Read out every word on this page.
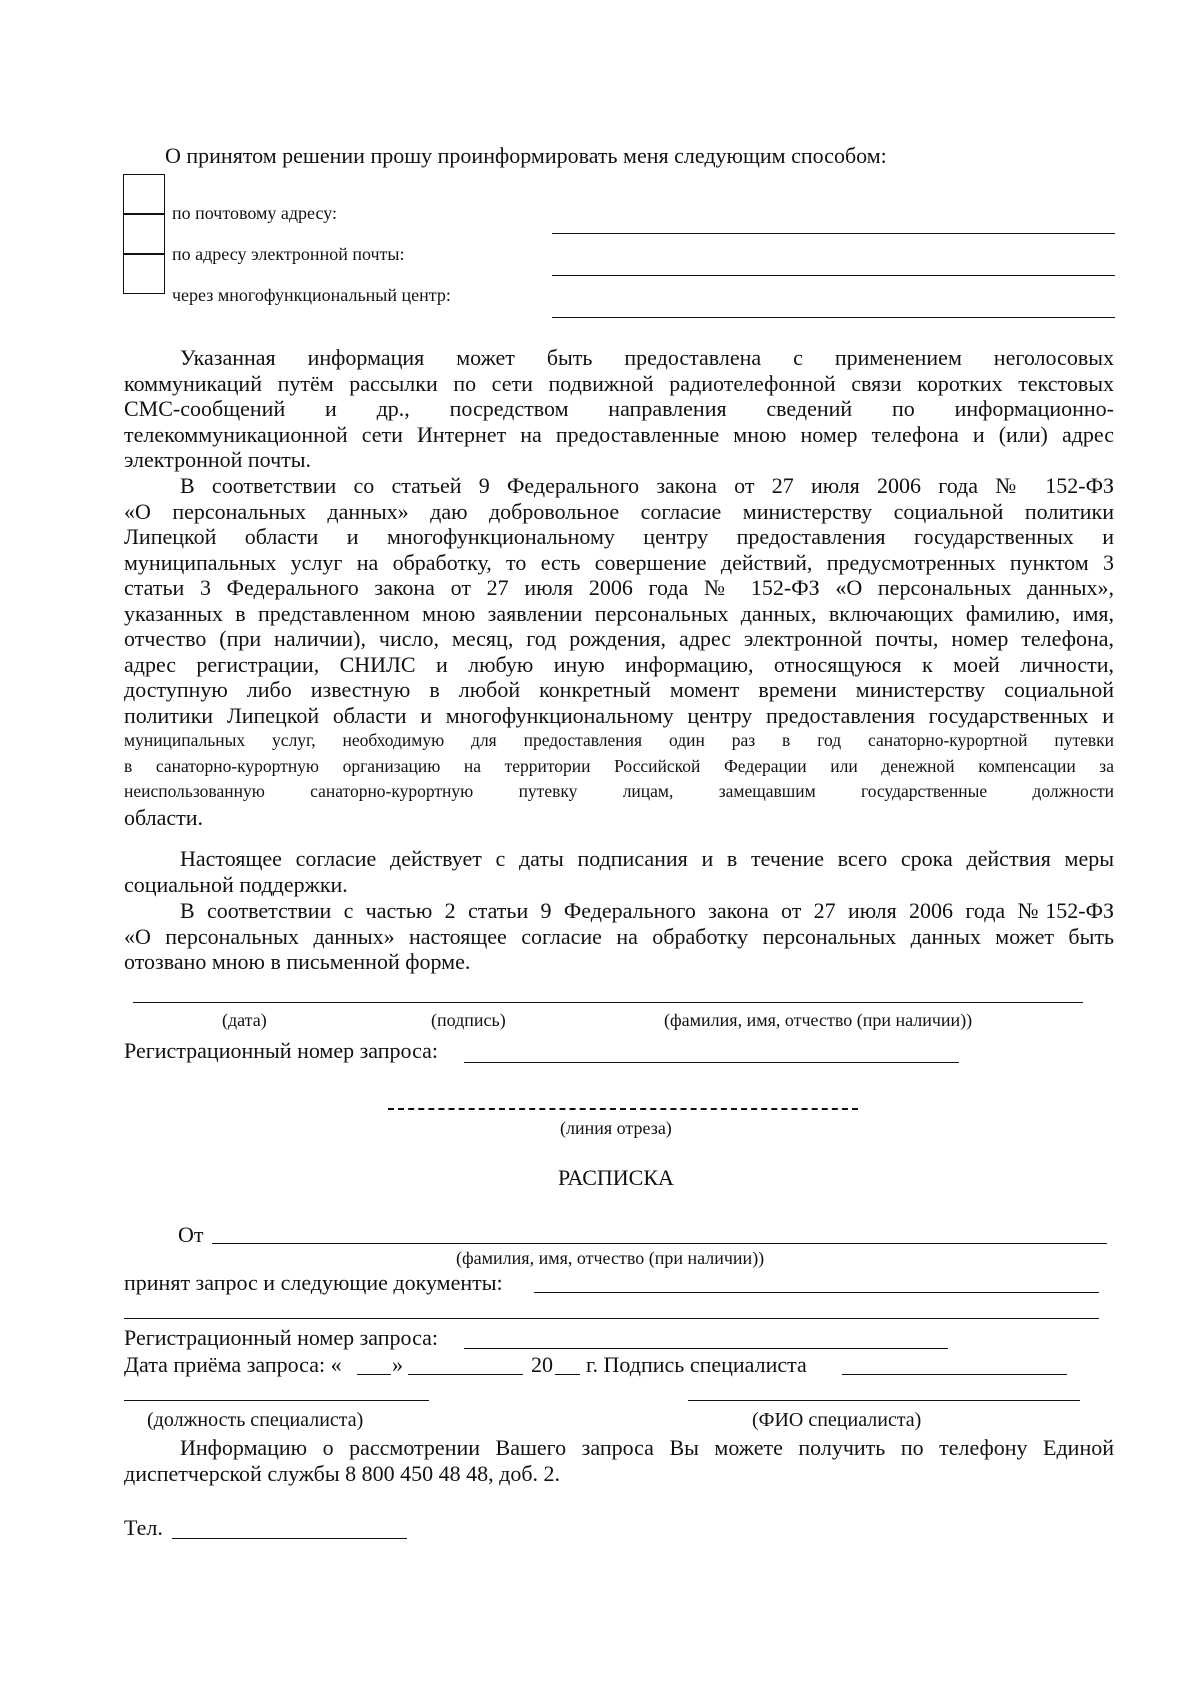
О принятом решении прошу проинформировать меня следующим способом:
по почтовому адресу:
по адресу электронной почты:
через многофункциональный центр:
Указанная информация может быть предоставлена с применением неголосовых
коммуникаций путём рассылки по сети подвижной радиотелефонной связи коротких текстовых
СМС-сообщений и др., посредством направления сведений по информационно-
телекоммуникационной сети Интернет на предоставленные мною номер телефона и (или) адрес
электронной почты.
В соответствии со статьей 9 Федерального закона от 27 июля 2006 года № 152-ФЗ
«О персональных данных» даю добровольное согласие министерству социальной политики
Липецкой области и многофункциональному центру предоставления государственных и
муниципальных услуг на обработку, то есть совершение действий, предусмотренных пунктом 3
статьи 3 Федерального закона от 27 июля 2006 года № 152-ФЗ «О персональных данных»,
указанных в представленном мною заявлении персональных данных, включающих фамилию, имя,
отчество (при наличии), число, месяц, год рождения, адрес электронной почты, номер телефона,
адрес регистрации, СНИЛС и любую иную информацию, относящуюся к моей личности,
доступную либо известную в любой конкретный момент времени министерству социальной
политики Липецкой области и многофункциональному центру предоставления государственных и
муниципальных услуг, необходимую для предоставления один раз в год санаторно-курортной путевки
в санаторно-курортную организацию на территории Российской Федерации или денежной компенсации за
неиспользованную санаторно-курортную путевку лицам, замещавшим государственные должности
области.
Настоящее согласие действует с даты подписания и в течение всего срока действия меры
социальной поддержки.
В соответствии с частью 2 статьи 9 Федерального закона от 27 июля 2006 года №152-ФЗ
«О персональных данных» настоящее согласие на обработку персональных данных может быть
отозвано мною в письменной форме.
(дата)	(подпись)	(фамилия, имя, отчество (при наличии))
Регистрационный номер запроса:
(линия отреза)
РАСПИСКА
От
(фамилия, имя, отчество (при наличии))
принят запрос и следующие документы:
Регистрационный номер запроса:
Дата приёма запроса: « »	20 г. Подпись специалиста
(должность специалиста)	(ФИО специалиста)
Информацию о рассмотрении Вашего запроса Вы можете получить по телефону Единой
диспетчерской службы 8 800 450 48 48, доб. 2.
Тел.
